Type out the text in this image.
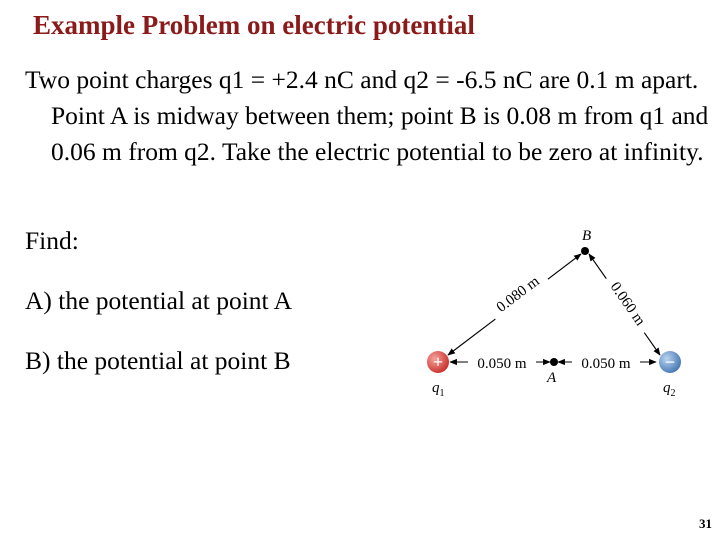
Example Problem on electric potential
Two point charges q1 = +2.4 nC and q2 = -6.5 nC are 0.1 m apart. Point A is midway between them; point B is 0.08 m from q1 and 0.06 m from q2. Take the electric potential to be zero at infinity.
Find:
A) the potential at point A
B) the potential at point B
B
A
+
$q_1$
−
$q_2$
0.080 m	0.060 m
0.050 m	0.050 m
31
